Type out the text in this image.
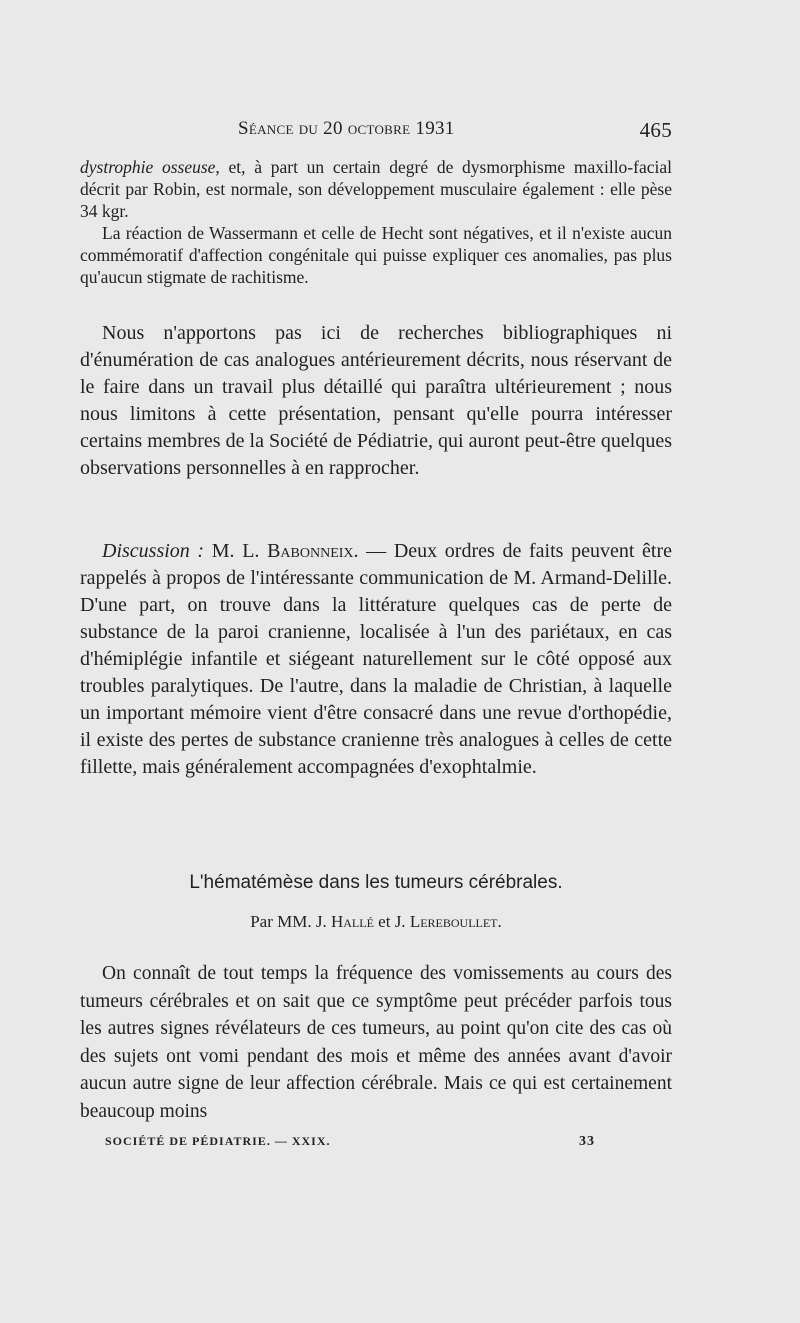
Séance du 20 octobre 1931	465

dystrophie osseuse, et, à part un certain degré de dysmorphisme maxillo-facial décrit par Robin, est normale, son développement musculaire également : elle pèse 34 kgr.

La réaction de Wassermann et celle de Hecht sont négatives, et il n'existe aucun commémoratif d'affection congénitale qui puisse expliquer ces anomalies, pas plus qu'aucun stigmate de rachitisme.

Nous n'apportons pas ici de recherches bibliographiques ni d'énumération de cas analogues antérieurement décrits, nous réservant de le faire dans un travail plus détaillé qui paraîtra ultérieurement ; nous nous limitons à cette présentation, pensant qu'elle pourra intéresser certains membres de la Société de Pédiatrie, qui auront peut-être quelques observations personnelles à en rapprocher.

Discussion : M. L. Babonneix. — Deux ordres de faits peuvent être rappelés à propos de l'intéressante communication de M. Armand-Delille. D'une part, on trouve dans la littérature quelques cas de perte de substance de la paroi cranienne, localisée à l'un des pariétaux, en cas d'hémiplégie infantile et siégeant naturellement sur le côté opposé aux troubles paralytiques. De l'autre, dans la maladie de Christian, à laquelle un important mémoire vient d'être consacré dans une revue d'orthopédie, il existe des pertes de substance cranienne très analogues à celles de cette fillette, mais généralement accompagnées d'exophtalmie.

L'hématémèse dans les tumeurs cérébrales.
Par MM. J. Hallé et J. Lereboullet.

On connaît de tout temps la fréquence des vomissements au cours des tumeurs cérébrales et on sait que ce symptôme peut précéder parfois tous les autres signes révélateurs de ces tumeurs, au point qu'on cite des cas où des sujets ont vomi pendant des mois et même des années avant d'avoir aucun autre signe de leur affection cérébrale. Mais ce qui est certainement beaucoup moins

SOCIÉTÉ DE PÉDIATRIE. — XXIX.	33
